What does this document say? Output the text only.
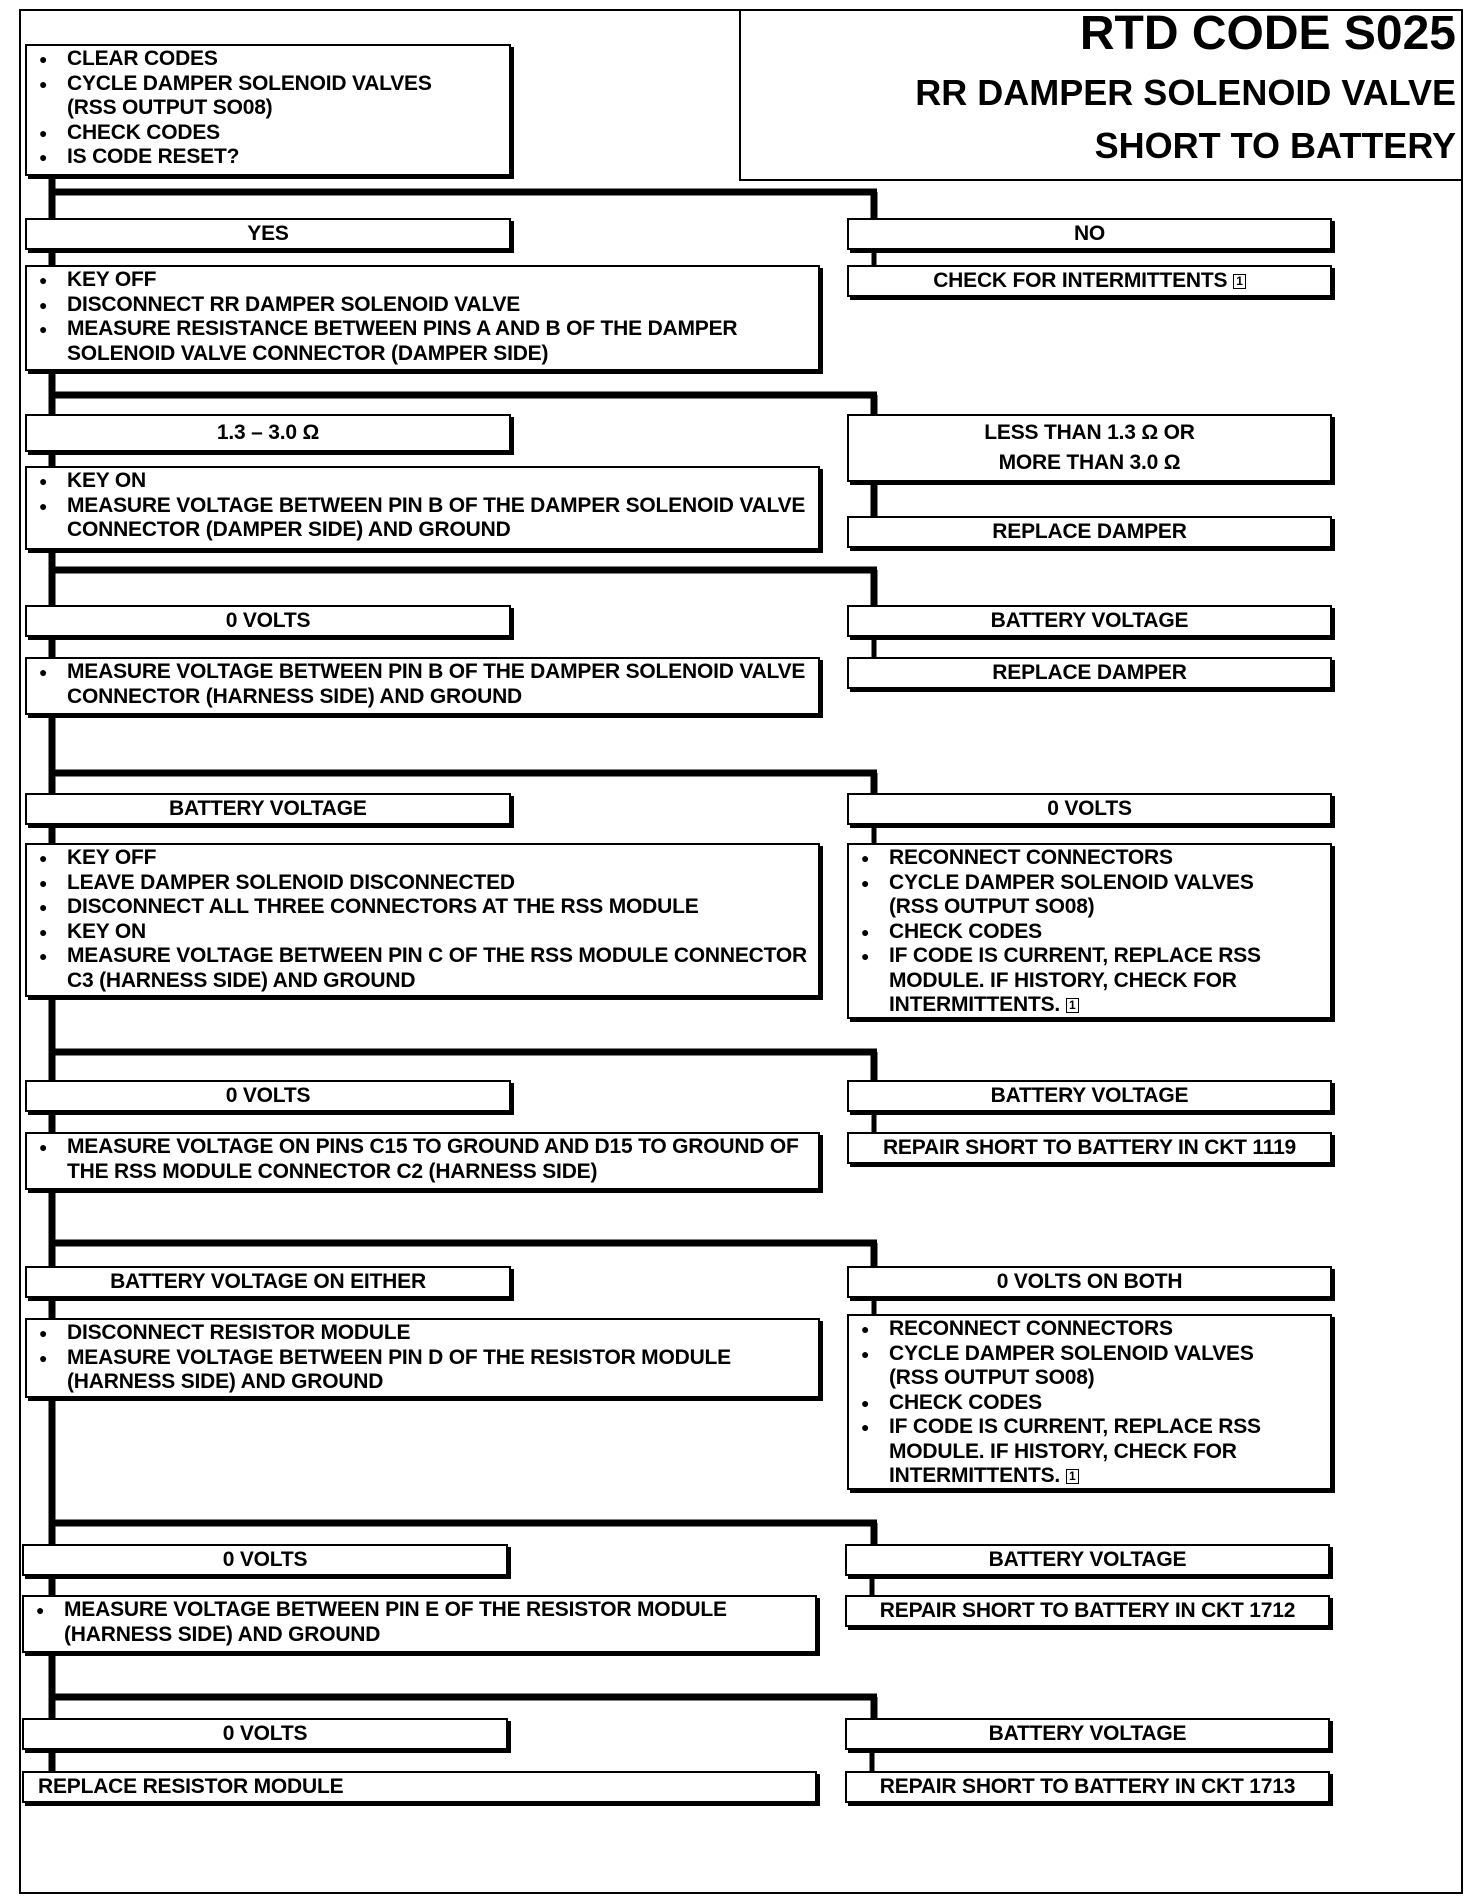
RTD CODE S025
RR DAMPER SOLENOID VALVE
SHORT TO BATTERY
● CLEAR CODES
● CYCLE DAMPER SOLENOID VALVES
(RSS OUTPUT SO08)
● CHECK CODES
● IS CODE RESET?
YES	NO
CHECK FOR INTERMITTENTS 1
● KEY OFF
● DISCONNECT RR DAMPER SOLENOID VALVE
● MEASURE RESISTANCE BETWEEN PINS A AND B OF THE DAMPER SOLENOID VALVE CONNECTOR (DAMPER SIDE)
1.3 – 3.0 Ω	LESS THAN 1.3 Ω OR
MORE THAN 3.0 Ω
● KEY ON
● MEASURE VOLTAGE BETWEEN PIN B OF THE DAMPER SOLENOID VALVE CONNECTOR (DAMPER SIDE) AND GROUND	REPLACE DAMPER
0 VOLTS	BATTERY VOLTAGE
● MEASURE VOLTAGE BETWEEN PIN B OF THE DAMPER SOLENOID VALVE CONNECTOR (HARNESS SIDE) AND GROUND
REPLACE DAMPER
BATTERY VOLTAGE	0 VOLTS
● KEY OFF
● LEAVE DAMPER SOLENOID DISCONNECTED
● DISCONNECT ALL THREE CONNECTORS AT THE RSS MODULE
● KEY ON
● MEASURE VOLTAGE BETWEEN PIN C OF THE RSS MODULE CONNECTOR C3 (HARNESS SIDE) AND GROUND
● RECONNECT CONNECTORS
● CYCLE DAMPER SOLENOID VALVES
(RSS OUTPUT SO08)
● CHECK CODES
● IF CODE IS CURRENT, REPLACE RSS MODULE. IF HISTORY, CHECK FOR INTERMITTENTS. 1
0 VOLTS	BATTERY VOLTAGE
● MEASURE VOLTAGE ON PINS C15 TO GROUND AND D15 TO GROUND OF THE RSS MODULE CONNECTOR C2 (HARNESS SIDE)
REPAIR SHORT TO BATTERY IN CKT 1119
BATTERY VOLTAGE ON EITHER	0 VOLTS ON BOTH
● DISCONNECT RESISTOR MODULE
● MEASURE VOLTAGE BETWEEN PIN D OF THE RESISTOR MODULE (HARNESS SIDE) AND GROUND
● RECONNECT CONNECTORS
● CYCLE DAMPER SOLENOID VALVES
(RSS OUTPUT SO08)
● CHECK CODES
● IF CODE IS CURRENT, REPLACE RSS MODULE. IF HISTORY, CHECK FOR INTERMITTENTS. 1
0 VOLTS	BATTERY VOLTAGE
● MEASURE VOLTAGE BETWEEN PIN E OF THE RESISTOR MODULE (HARNESS SIDE) AND GROUND
REPAIR SHORT TO BATTERY IN CKT 1712
0 VOLTS	BATTERY VOLTAGE
REPLACE RESISTOR MODULE	REPAIR SHORT TO BATTERY IN CKT 1713
